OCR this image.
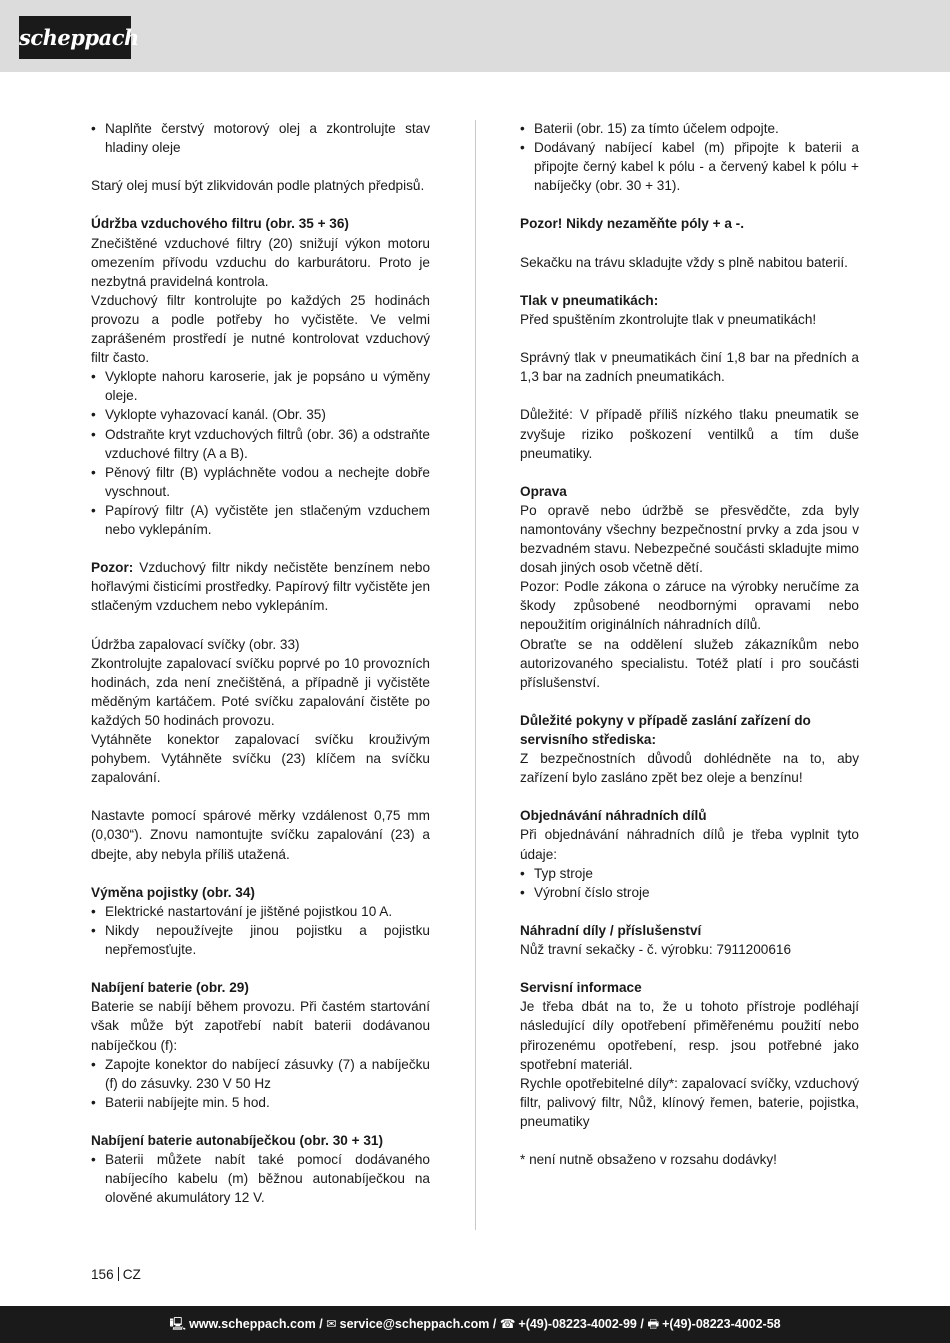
scheppach
• Naplňte čerstvý motorový olej a zkontrolujte stav hladiny oleje

Starý olej musí být zlikvidován podle platných předpisů.

Údržba vzduchového filtru (obr. 35 + 36)

Znečištěné vzduchové filtry (20) snižují výkon motoru omezením přívodu vzduchu do karburátoru. Proto je nezbytná pravidelná kontrola.

Vzduchový filtr kontrolujte po každých 25 hodinách provozu a podle potřeby ho vyčistěte. Ve velmi zaprášeném prostředí je nutné kontrolovat vzduchový filtr často.

• Vyklopte nahoru karoserie, jak je popsáno u výměny oleje.
• Vyklopte vyhazovací kanál. (Obr. 35)
• Odstraňte kryt vzduchových filtrů (obr. 36) a odstraňte vzduchové filtry (A a B).
• Pěnový filtr (B) vypláchněte vodou a nechejte dobře vyschnout.
• Papírový filtr (A) vyčistěte jen stlačeným vzduchem nebo vyklepáním.

Pozor: Vzduchový filtr nikdy nečistěte benzínem nebo hořlavými čisticími prostředky. Papírový filtr vyčistěte jen stlačeným vzduchem nebo vyklepáním.

Údržba zapalovací svíčky (obr. 33)

Zkontrolujte zapalovací svíčku poprvé po 10 provozních hodinách, zda není znečištěná, a případně ji vyčistěte měděným kartáčem. Poté svíčku zapalování čistěte po každých 50 hodinách provozu.

Vytáhněte konektor zapalovací svíčku krouživým pohybem. Vytáhněte svíčku (23) klíčem na svíčku zapalování.

Nastavte pomocí spárové měrky vzdálenost 0,75 mm (0,030“). Znovu namontujte svíčku zapalování (23) a dbejte, aby nebyla příliš utažená.

Výměna pojistky (obr. 34)
• Elektrické nastartování je jištěné pojistkou 10 A.
• Nikdy nepoužívejte jinou pojistku a pojistku nepřemosťujte.
Nabíjení baterie (obr. 29)

Baterie se nabíjí během provozu. Při častém startování však může být zapotřebí nabít baterii dodávanou nabíječkou (f):

• Zapojte konektor do nabíjecí zásuvky (7) a nabíječku (f) do zásuvky. 230 V 50 Hz
• Baterii nabíjejte min. 5 hod.
Nabíjení baterie autonabíječkou (obr. 30 + 31)
• Baterii můžete nabít také pomocí dodávaného nabíjecího kabelu (m) běžnou autonabíječkou na olověné akumulátory 12 V.
• Baterii (obr. 15) za tímto účelem odpojte.
• Dodávaný nabíjecí kabel (m) připojte k baterii a připojte černý kabel k pólu - a červený kabel k pólu + nabíječky (obr. 30 + 31).
Pozor! Nikdy nezaměňte póly + a -.

Sekačku na trávu skladujte vždy s plně nabitou baterií.

Tlak v pneumatikách:

Před spuštěním zkontrolujte tlak v pneumatikách!

Správný tlak v pneumatikách činí 1,8 bar na předních a 1,3 bar na zadních pneumatikách.

Důležité: V případě příliš nízkého tlaku pneumatik se zvyšuje riziko poškození ventilků a tím duše pneumatiky.

Oprava

Po opravě nebo údržbě se přesvědčte, zda byly namontovány všechny bezpečnostní prvky a zda jsou v bezvadném stavu. Nebezpečné součásti skladujte mimo dosah jiných osob včetně dětí.

Pozor: Podle zákona o záruce na výrobky neručíme za škody způsobené neodbornými opravami nebo nepoužitím originálních náhradních dílů.

Obraťte se na oddělení služeb zákazníkům nebo autorizovaného specialistu. Totéž platí i pro součásti příslušenství.

Důležité pokyny v případě zaslání zařízení do servisního střediska:

Z bezpečnostních důvodů dohlédněte na to, aby zařízení bylo zasláno zpět bez oleje a benzínu!

Objednávání náhradních dílů

Při objednávání náhradních dílů je třeba vyplnit tyto údaje:

• Typ stroje
• Výrobní číslo stroje
Náhradní díly / příslušenství

Nůž travní sekačky - č. výrobku: 7911200616

Servisní informace

Je třeba dbát na to, že u tohoto přístroje podléhají následující díly opotřebení přiměřenému použití nebo přirozenému opotřebení, resp. jsou potřebné jako spotřební materiál.

Rychle opotřebitelné díly*: zapalovací svíčky, vzduchový filtr, palivový filtr, Nůž, klínový řemen, baterie, pojistka, pneumatiky

* není nutně obsaženo v rozsahu dodávky!

156 CZ
🖳 www.scheppach.com / ✉ service@scheppach.com / ☎ +(49)-08223-4002-99 / 🖶 +(49)-08223-4002-58
